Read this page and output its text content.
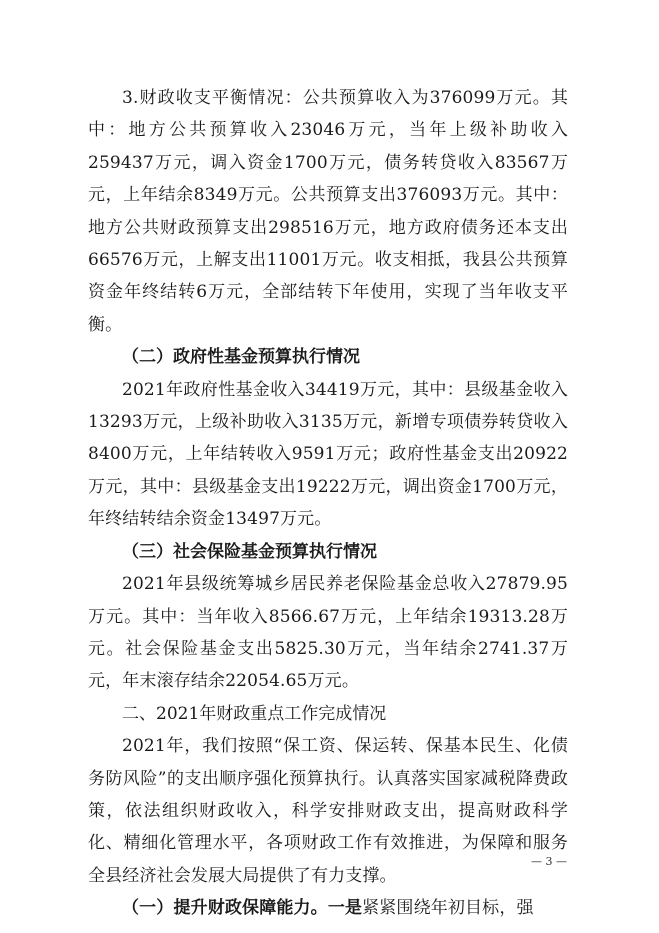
3.财政收支平衡情况：公共预算收入为376099万元。其中：地方公共预算收入23046万元，当年上级补助收入259437万元，调入资金1700万元，债务转贷收入83567万元，上年结余8349万元。公共预算支出376093万元。其中：地方公共财政预算支出298516万元，地方政府债务还本支出66576万元，上解支出11001万元。收支相抵，我县公共预算资金年终结转6万元，全部结转下年使用，实现了当年收支平衡。

（二）政府性基金预算执行情况

2021年政府性基金收入34419万元，其中：县级基金收入13293万元，上级补助收入3135万元，新增专项债券转贷收入8400万元，上年结转收入9591万元；政府性基金支出20922万元，其中：县级基金支出19222万元，调出资金1700万元，年终结转结余资金13497万元。

（三）社会保险基金预算执行情况

2021年县级统筹城乡居民养老保险基金总收入27879.95万元。其中：当年收入8566.67万元，上年结余19313.28万元。社会保险基金支出5825.30万元，当年结余2741.37万元，年末滚存结余22054.65万元。

二、2021年财政重点工作完成情况

2021年，我们按照“保工资、保运转、保基本民生、化债务防风险”的支出顺序强化预算执行。认真落实国家减税降费政策，依法组织财政收入，科学安排财政支出，提高财政科学化、精细化管理水平，各项财政工作有效推进，为保障和服务全县经济社会发展大局提供了有力支撑。

（一）提升财政保障能力。一是紧紧围绕年初目标，强

— 3 —
